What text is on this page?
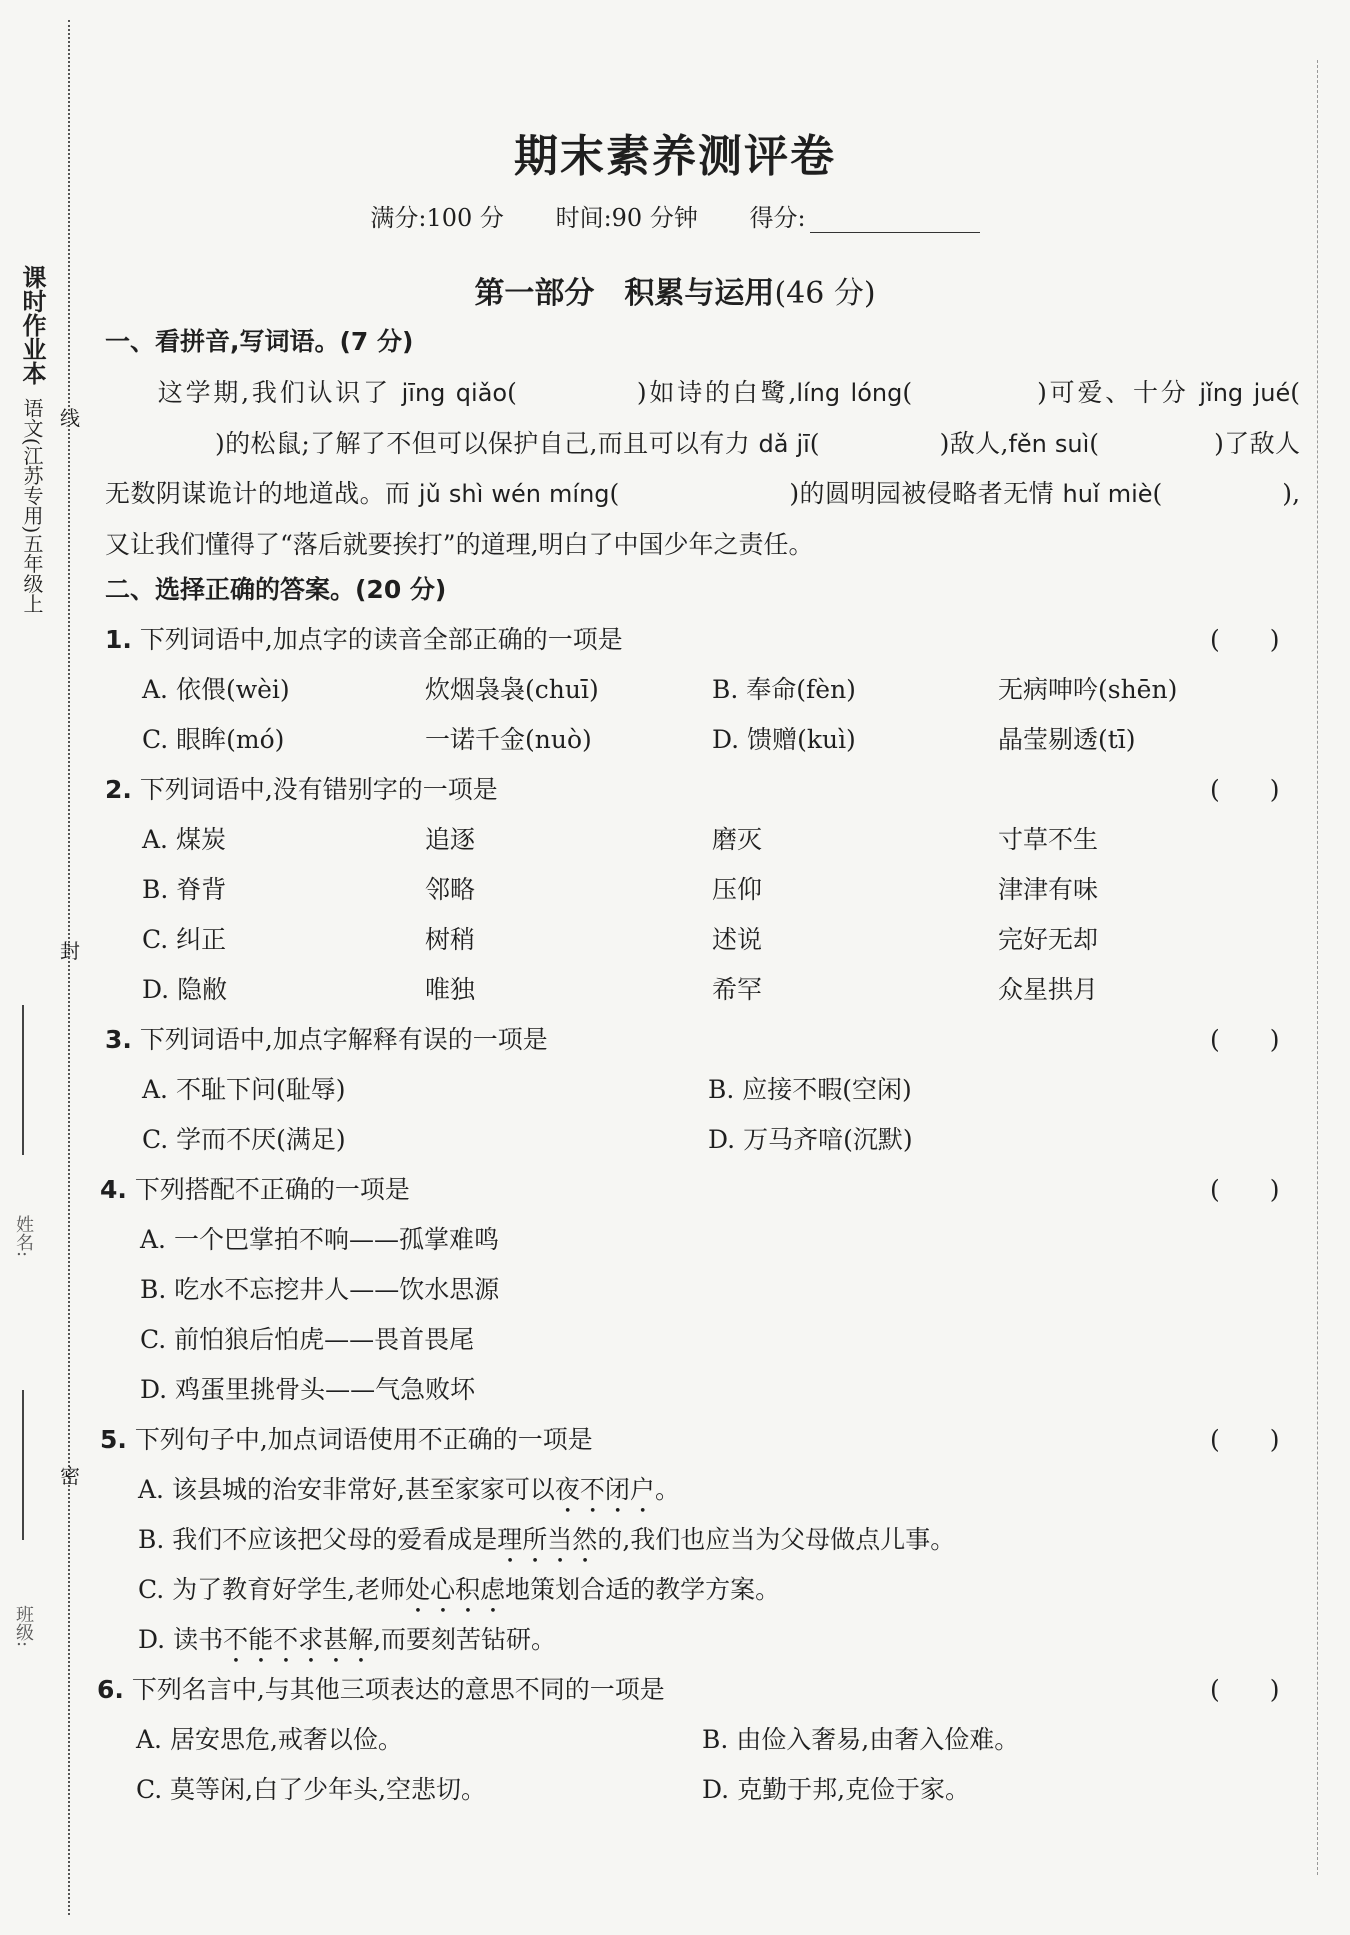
课时作业本  语文(江苏专用)五年级上 线
封
密
姓名:
班级:
期末素养测评卷
满分:100 分 时间:90 分钟 得分:
第一部分　积累与运用(46 分)
一、看拼音,写词语。(7 分)

这学期,我们认识了 jīng qiǎo(	)如诗的白鹭,líng lóng(	)可爱、十分 jǐng jué()的松鼠;了解了不但可以保护自己,而且可以有力 dǎ jī(	)敌人,fěn suì(	)了敌人无数阴谋诡计的地道战。而 jǔ shì wén míng(	)的圆明园被侵略者无情 huǐ miè(	),又让我们懂得了“落后就要挨打”的道理,明白了中国少年之责任。

二、选择正确的答案。(20 分)
1. 下列词语中,加点字的读音全部正确的一项是	(　　)
A. 依偎(wèi)	炊烟袅袅(chuī)	B. 奉命(fèn)	无病呻吟(shēn)
C. 眼眸(mó)	一诺千金(nuò)	D. 馈赠(kuì)	晶莹剔透(tī)
2. 下列词语中,没有错别字的一项是	(　　)
A. 煤炭	追逐	磨灭	寸草不生
B. 脊背	邻略	压仰	津津有味
C. 纠正	树稍	述说	完好无却
D. 隐敝	唯独	希罕	众星拱月
3. 下列词语中,加点字解释有误的一项是	(　　)
A. 不耻下问(耻辱)	B. 应接不暇(空闲)
C. 学而不厌(满足)	D. 万马齐喑(沉默)
4. 下列搭配不正确的一项是	(　　)
A. 一个巴掌拍不响——孤掌难鸣
B. 吃水不忘挖井人——饮水思源
C. 前怕狼后怕虎——畏首畏尾
D. 鸡蛋里挑骨头——气急败坏
5. 下列句子中,加点词语使用不正确的一项是	(　　)
A. 该县城的治安非常好,甚至家家可以夜不闭户。
B. 我们不应该把父母的爱看成是理所当然的,我们也应当为父母做点儿事。
C. 为了教育好学生,老师处心积虑地策划合适的教学方案。
D. 读书不能不求甚解,而要刻苦钻研。
6. 下列名言中,与其他三项表达的意思不同的一项是	(　　)
A. 居安思危,戒奢以俭。	B. 由俭入奢易,由奢入俭难。
C. 莫等闲,白了少年头,空悲切。	D. 克勤于邦,克俭于家。
